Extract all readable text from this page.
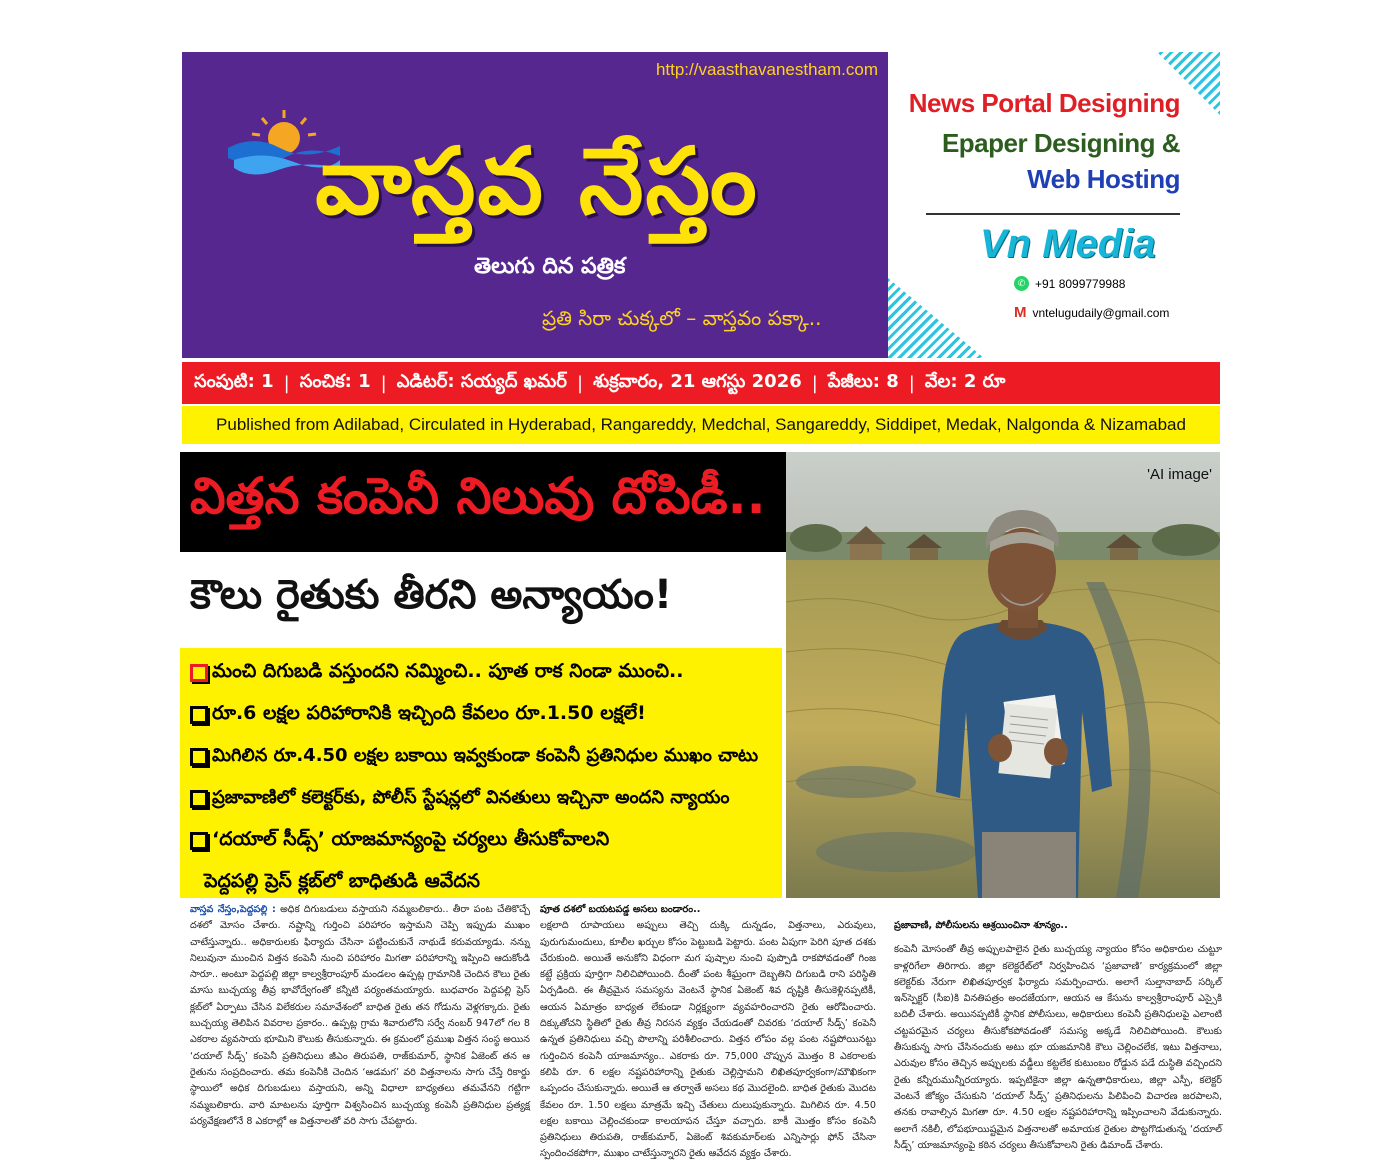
http://vaasthavanestham.com
వాస్తవ నేస్తం
తెలుగు దిన పత్రిక
ప్రతి సిరా చుక్కలో – వాస్తవం పక్కా..
News Portal Designing
Epaper Designing &
Web Hosting
Vn Media
✆ +91 8099779988
M vntelugudaily@gmail.com
సంపుటి: 1 | సంచిక: 1 | ఎడిటర్: సయ్యద్ ఖమర్ | శుక్రవారం, 21 ఆగస్టు 2026 | పేజీలు: 8 | వేల: 2 రూ
Published from Adilabad, Circulated in Hyderabad, Rangareddy, Medchal, Sangareddy, Siddipet, Medak, Nalgonda & Nizamabad
విత్తన కంపెనీ నిలువు దోపిడీ..
కౌలు రైతుకు తీరని అన్యాయం!
మంచి దిగుబడి వస్తుందని నమ్మించి.. పూత రాక నిండా ముంచి..
రూ.6 లక్షల పరిహారానికి ఇచ్చింది కేవలం రూ.1.50 లక్షలే!
మిగిలిన రూ.4.50 లక్షల బకాయి ఇవ్వకుండా కంపెనీ ప్రతినిధుల ముఖం చాటు
ప్రజావాణిలో కలెక్టర్‌కు, పోలీస్ స్టేషన్లలో వినతులు ఇచ్చినా అందని న్యాయం
‘దయాల్ సీడ్స్’ యాజమాన్యంపై చర్యలు తీసుకోవాలని
పెద్దపల్లి ప్రెస్ క్లబ్‌లో బాధితుడి ఆవేదన
'AI image'
వాస్తవ నేస్తం,పెద్దపల్లి : అధిక దిగుబడులు వస్తాయని నమ్మబలికారు.. తీరా పంట చేతికొచ్చే దశలో మోసం చేశారు. నష్టాన్ని గుర్తించి పరిహారం ఇస్తామని చెప్పి ఇప్పుడు ముఖం చాటేస్తున్నారు.. అధికారులకు ఫిర్యాదు చేసినా పట్టించుకునే నాథుడే కరువయ్యాడు. నన్ను నిలువునా ముంచిన విత్తన కంపెనీ నుంచి పరిహారం మిగతా పరిహారాన్ని ఇప్పించి ఆదుకోండి సారూ.. అంటూ పెద్దపల్లి జిల్లా కాల్వశ్రీరాంపూర్ మండలం ఉప్పట్ల గ్రామానికి చెందిన కౌలు రైతు మాసు బుచ్చయ్య తీవ్ర భావోద్వేగంతో కన్నీటి పర్యంతమయ్యారు. బుధవారం పెద్దపల్లి ప్రెస్ క్లబ్‌లో ఏర్పాటు చేసిన విలేకరుల సమావేశంలో బాధిత రైతు తన గోడును వెళ్లగక్కారు. రైతు బుచ్చయ్య తెలిపిన వివరాల ప్రకారం.. ఉప్పట్ల గ్రామ శివారులోని సర్వే నంబర్ 947లో గల 8 ఎకరాల వ్యవసాయ భూమిని కౌలుకు తీసుకున్నారు. ఈ క్రమంలో ప్రముఖ విత్తన సంస్థ అయిన ‘దయాల్ సీడ్స్’ కంపెనీ ప్రతినిధులు జీఎం తిరుపతి, రాజ్‌కుమార్, స్థానిక ఏజెంట్ తన ఆ రైతును సంప్రదించారు. తమ కంపెనీకి చెందిన ‘ఆడమగ’ వరి విత్తనాలను సాగు చేస్తే రికార్డు స్థాయిలో అధిక దిగుబడులు వస్తాయని, అన్ని విధాలా బాధ్యతలు తమవేనని గట్టిగా నమ్మబలికారు. వారి మాటలను పూర్తిగా విశ్వసించిన బుచ్చయ్య కంపెనీ ప్రతినిధుల ప్రత్యక్ష పర్యవేక్షణలోనే 8 ఎకరాల్లో ఆ విత్తనాలతో వరి సాగు చేపట్టారు.
పూత దశలో బయటపడ్డ అసలు బండారం..
లక్షలాది రూపాయలు అప్పులు తెచ్చి దుక్కి దున్నడం, విత్తనాలు, ఎరువులు, పురుగుమందులు, కూలీల ఖర్చుల కోసం పెట్టుబడి పెట్టారు. పంట ఏపుగా పెరిగి పూత దశకు చేరుకుంది. అయితే అనుకోని విధంగా మగ పుష్పాల నుంచి పుప్పొడి రాకపోవడంతో గింజ కట్టే ప్రక్రియ పూర్తిగా నిలిచిపోయింది. దీంతో పంట శీఘ్రంగా దెబ్బతిని దిగుబడి రాని పరిస్థితి ఏర్పడింది. ఈ తీవ్రమైన సమస్యను వెంటనే స్థానిక ఏజెంట్ శివ దృష్టికి తీసుకెళ్లినప్పటికీ, ఆయన ఏమాత్రం బాధ్యత లేకుండా నిర్లక్ష్యంగా వ్యవహరించారని రైతు ఆరోపించారు. దిక్కుతోచని స్థితిలో రైతు తీవ్ర నిరసన వ్యక్తం చేయడంతో చివరకు ‘దయాల్ సీడ్స్’ కంపెనీ ఉన్నత ప్రతినిధులు వచ్చి పొలాన్ని పరిశీలించారు. విత్తన లోపం వల్ల పంట నష్టపోయినట్టు గుర్తించిన కంపెనీ యాజమాన్యం.. ఎకరాకు రూ. 75,000 చొప్పున మొత్తం 8 ఎకరాలకు కలిపి రూ. 6 లక్షల నష్టపరిహారాన్ని రైతుకు చెల్లిస్తామని లిఖితపూర్వకంగా/మౌఖికంగా ఒప్పందం చేసుకున్నారు. అయితే ఆ తర్వాతే అసలు కథ మొదలైంది. బాధిత రైతుకు మొదట కేవలం రూ. 1.50 లక్షలు మాత్రమే ఇచ్చి చేతులు దులుపుకున్నారు. మిగిలిన రూ. 4.50 లక్షల బకాయి చెల్లించకుండా కాలయాపన చేస్తూ వచ్చారు. బాకీ మొత్తం కోసం కంపెనీ ప్రతినిధులు తిరుపతి, రాజ్‌కుమార్, ఏజెంట్ శివకుమార్‌లకు ఎన్నిసార్లు ఫోన్ చేసినా స్పందించకపోగా, ముఖం చాటేస్తున్నారని రైతు ఆవేదన వ్యక్తం చేశారు.
ప్రజావాణి, పోలీసులను ఆశ్రయించినా శూన్యం..
కంపెనీ మోసంతో తీవ్ర అప్పులపాలైన రైతు బుచ్చయ్య న్యాయం కోసం అధికారుల చుట్టూ కాళ్లరిగేలా తిరిగారు. జిల్లా కలెక్టరేట్‌లో నిర్వహించిన ‘ప్రజావాణి’ కార్యక్రమంలో జిల్లా కలెక్టర్‌కు నేరుగా లిఖితపూర్వక ఫిర్యాదు సమర్పించారు. అలాగే సుల్తానాబాద్ సర్కిల్ ఇన్‌స్పెక్టర్ (సీఐ)కి వినతిపత్రం అందజేయగా, ఆయన ఆ కేసును కాల్వశ్రీరాంపూర్ ఎస్సైకి బదిలీ చేశారు. అయినప్పటికీ స్థానిక పోలీసులు, అధికారులు కంపెనీ ప్రతినిధులపై ఎలాంటి చట్టపరమైన చర్యలు తీసుకోకపోవడంతో సమస్య అక్కడే నిలిచిపోయింది. కౌలుకు తీసుకున్న సాగు చేసినందుకు అటు భూ యజమానికి కౌలు చెల్లించలేక, ఇటు విత్తనాలు, ఎరువుల కోసం తెచ్చిన అప్పులకు వడ్డీలు కట్టలేక కుటుంబం రోడ్డున పడే దుస్థితి వచ్చిందని రైతు కన్నీరుమున్నీరయ్యారు. ఇప్పటికైనా జిల్లా ఉన్నతాధికారులు, జిల్లా ఎస్పీ, కలెక్టర్ వెంటనే జోక్యం చేసుకుని ‘దయాల్ సీడ్స్’ ప్రతినిధులను పిలిపించి విచారణ జరపాలని, తనకు రావాల్సిన మిగతా రూ. 4.50 లక్షల నష్టపరిహారాన్ని ఇప్పించాలని వేడుకున్నారు. అలాగే నకిలీ, లోపభూయిష్టమైన విత్తనాలతో అమాయక రైతుల పొట్టగొడుతున్న ‘దయాల్ సీడ్స్’ యాజమాన్యంపై కఠిన చర్యలు తీసుకోవాలని రైతు డిమాండ్ చేశారు.
